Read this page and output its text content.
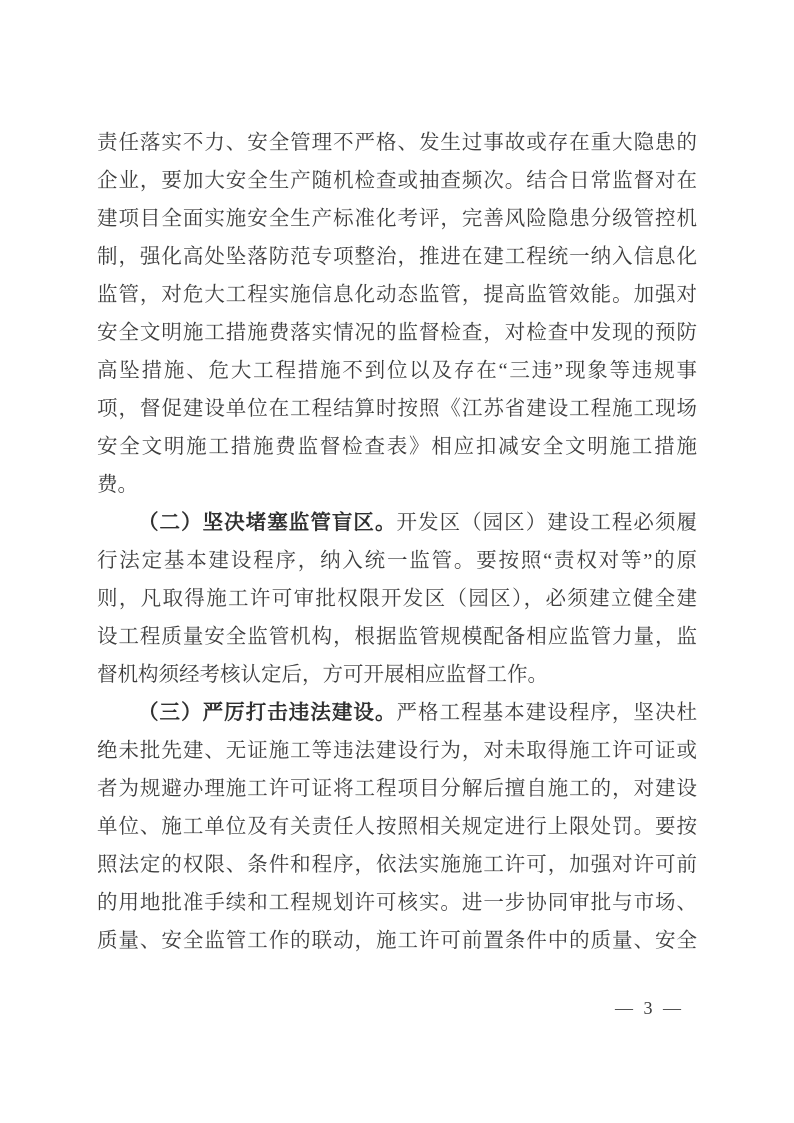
责任落实不力、安全管理不严格、发生过事故或存在重大隐患的
企业，要加大安全生产随机检查或抽查频次。结合日常监督对在
建项目全面实施安全生产标准化考评，完善风险隐患分级管控机
制，强化高处坠落防范专项整治，推进在建工程统一纳入信息化
监管，对危大工程实施信息化动态监管，提高监管效能。加强对
安全文明施工措施费落实情况的监督检查，对检查中发现的预防
高坠措施、危大工程措施不到位以及存在“三违”现象等违规事
项，督促建设单位在工程结算时按照《江苏省建设工程施工现场
安全文明施工措施费监督检查表》相应扣减安全文明施工措施
费。
（二）坚决堵塞监管盲区。开发区（园区）建设工程必须履
行法定基本建设程序，纳入统一监管。要按照“责权对等”的原
则，凡取得施工许可审批权限开发区（园区），必须建立健全建
设工程质量安全监管机构，根据监管规模配备相应监管力量，监
督机构须经考核认定后，方可开展相应监督工作。
（三）严厉打击违法建设。严格工程基本建设程序，坚决杜
绝未批先建、无证施工等违法建设行为，对未取得施工许可证或
者为规避办理施工许可证将工程项目分解后擅自施工的，对建设
单位、施工单位及有关责任人按照相关规定进行上限处罚。要按
照法定的权限、条件和程序，依法实施施工许可，加强对许可前
的用地批准手续和工程规划许可核实。进一步协同审批与市场、
质量、安全监管工作的联动，施工许可前置条件中的质量、安全
— 3 —
